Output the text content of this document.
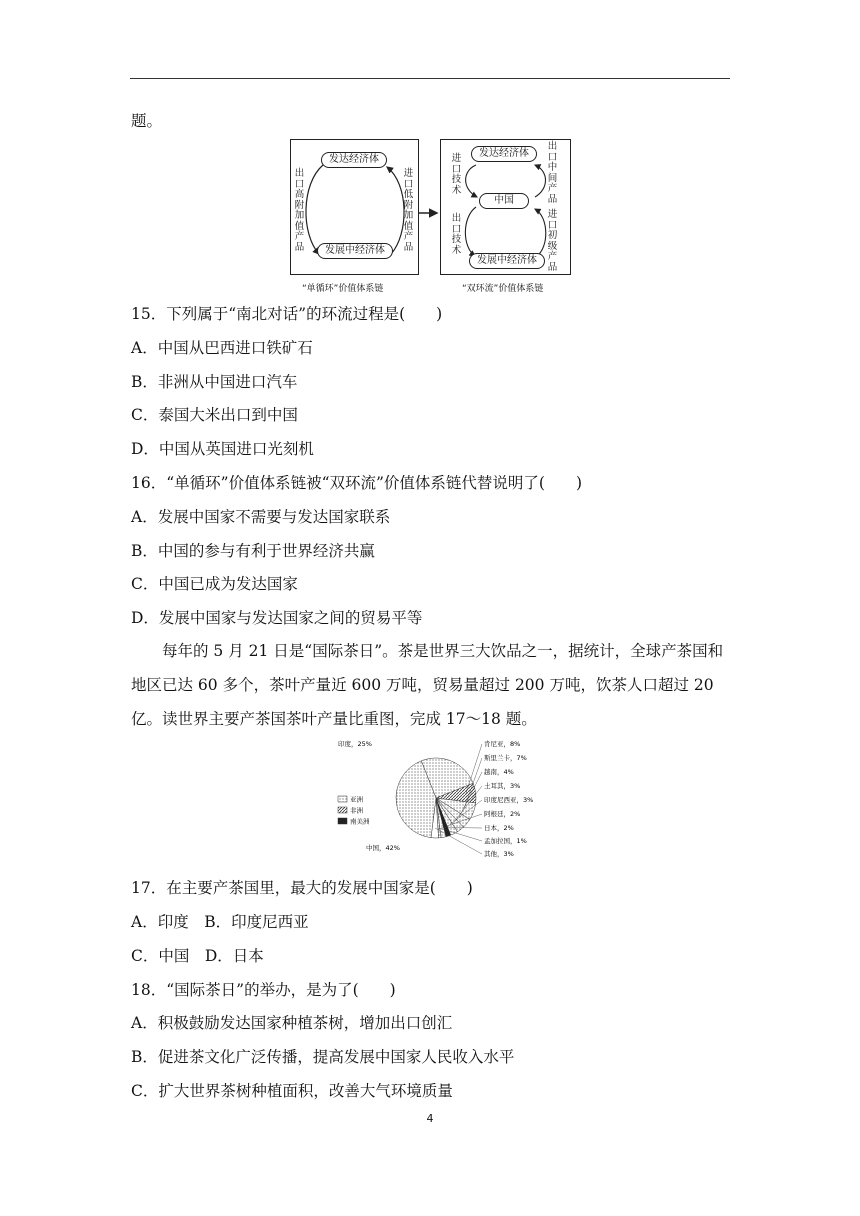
题。
发达经济体
发展中经济体
出口高附加值产品
进口低附加值产品
“单循环”价值体系链
发达经济体
中国
发展中经济体
进口技术
出口技术
出口中间产品
进口初级产品
“双环流”价值体系链
15．下列属于“南北对话”的环流过程是(　　)
A．中国从巴西进口铁矿石
B．非洲从中国进口汽车
C．泰国大米出口到中国
D．中国从英国进口光刻机
16．“单循环”价值体系链被“双环流”价值体系链代替说明了(　　)
A．发展中国家不需要与发达国家联系
B．中国的参与有利于世界经济共赢
C．中国已成为发达国家
D．发展中国家与发达国家之间的贸易平等
每年的 5 月 21 日是“国际茶日”。茶是世界三大饮品之一，据统计，全球产茶国和地区已达 60 多个，茶叶产量近 600 万吨，贸易量超过 200 万吨，饮茶人口超过 20 亿。读世界主要产茶国茶叶产量比重图，完成 17～18 题。
印度，25%	肯尼亚，8%
斯里兰卡，7%
越南，4%
土耳其，3%
印度尼西亚，3%
阿根廷，2%
日本，2%
孟加拉国，1%
其他，3%
中国，42%
亚洲
非洲
南美洲
17．在主要产茶国里，最大的发展中国家是(　　)
A．印度　B．印度尼西亚
C．中国　D．日本
18．“国际茶日”的举办，是为了(　　)
A．积极鼓励发达国家种植茶树，增加出口创汇
B．促进茶文化广泛传播，提高发展中国家人民收入水平
C．扩大世界茶树种植面积，改善大气环境质量
4
